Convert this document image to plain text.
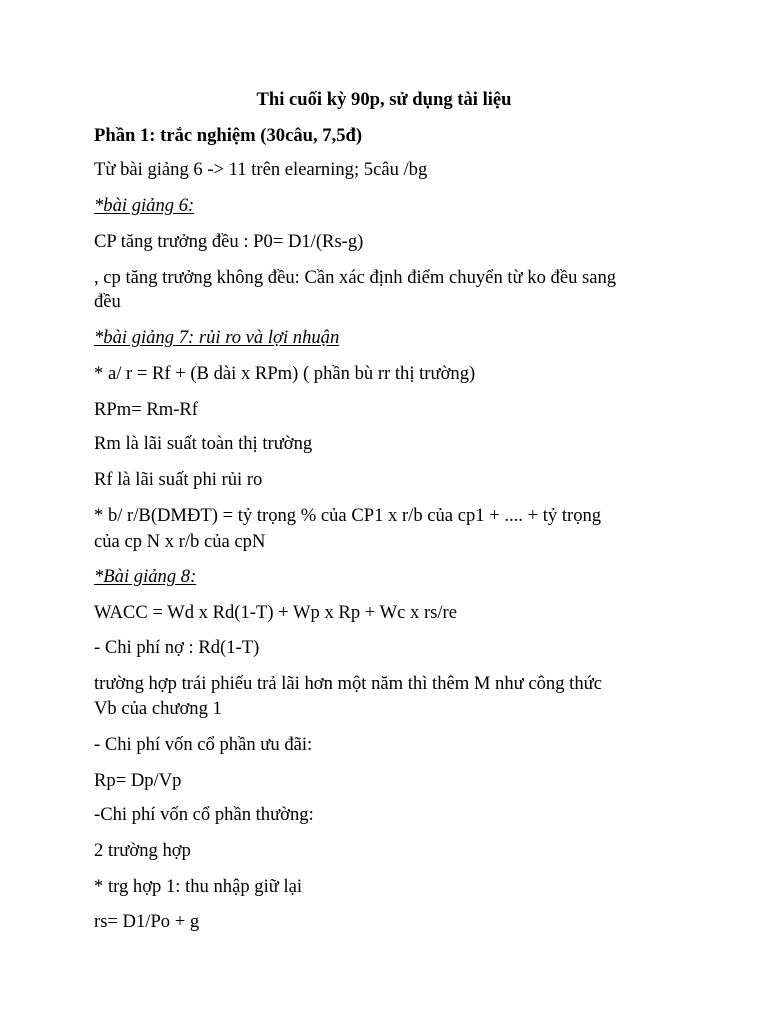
Thi cuối kỳ 90p, sử dụng tài liệu
Phần 1: trắc nghiệm (30câu, 7,5đ)
Từ bài giảng 6 -> 11 trên elearning; 5câu /bg
*bài giảng 6:
CP tăng trưởng đều : P0= D1/(Rs-g)
, cp tăng trưởng không đều: Cần xác định điểm chuyển từ ko đều sang
đều
*bài giảng 7: rủi ro và lợi nhuận
* a/ r = Rf + (B dài x RPm) ( phần bù rr thị trường)
RPm= Rm-Rf
Rm là lãi suất toàn thị trường
Rf là lãi suất phi rủi ro
* b/ r/B(DMĐT) = tỷ trọng % của CP1 x r/b của cp1 + .... + tỷ trọng
của cp N x r/b của cpN
*Bài giảng 8:
WACC = Wd x Rd(1-T) + Wp x Rp + Wc x rs/re
- Chi phí nợ : Rd(1-T)
trường hợp trái phiếu trả lãi hơn một năm thì thêm M như công thức
Vb của chương 1
- Chi phí vốn cổ phần ưu đãi:
Rp= Dp/Vp
-Chi phí vốn cổ phần thường:
2 trường hợp
* trg hợp 1: thu nhập giữ lại
rs= D1/Po + g
